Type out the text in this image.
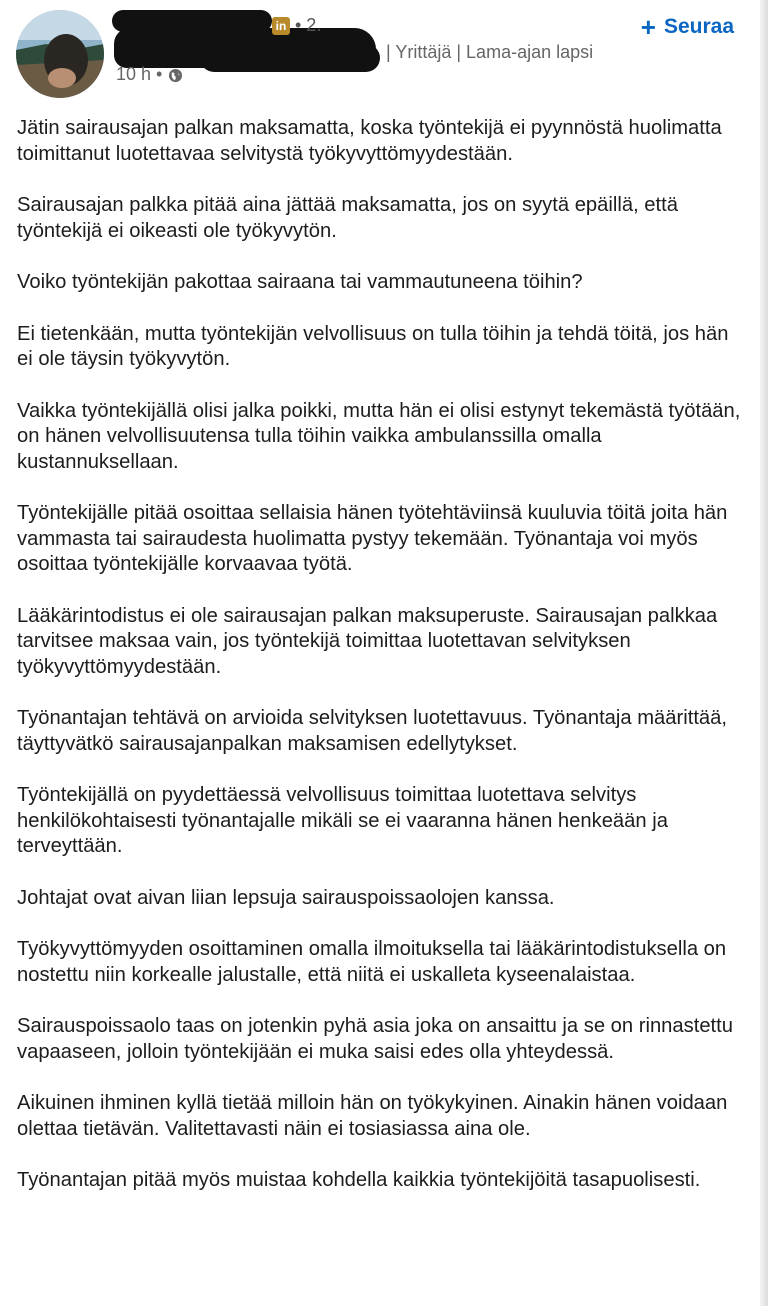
in • 2.
| Yrittäjä | Lama-ajan lapsi
10 h •
+ Seuraa

Jätin sairausajan palkan maksamatta, koska työntekijä ei pyynnöstä huolimatta toimittanut luotettavaa selvitystä työkyvyttömyydestään.

Sairausajan palkka pitää aina jättää maksamatta, jos on syytä epäillä, että työntekijä ei oikeasti ole työkyvytön.

Voiko työntekijän pakottaa sairaana tai vammautuneena töihin?

Ei tietenkään, mutta työntekijän velvollisuus on tulla töihin ja tehdä töitä, jos hän ei ole täysin työkyvytön.

Vaikka työntekijällä olisi jalka poikki, mutta hän ei olisi estynyt tekemästä työtään, on hänen velvollisuutensa tulla töihin vaikka ambulanssilla omalla kustannuksellaan.

Työntekijälle pitää osoittaa sellaisia hänen työtehtäviinsä kuuluvia töitä joita hän vammasta tai sairaudesta huolimatta pystyy tekemään. Työnantaja voi myös osoittaa työntekijälle korvaavaa työtä.

Lääkärintodistus ei ole sairausajan palkan maksuperuste. Sairausajan palkkaa tarvitsee maksaa vain, jos työntekijä toimittaa luotettavan selvityksen työkyvyttömyydestään.

Työnantajan tehtävä on arvioida selvityksen luotettavuus. Työnantaja määrittää, täyttyvätkö sairausajanpalkan maksamisen edellytykset.

Työntekijällä on pyydettäessä velvollisuus toimittaa luotettava selvitys henkilökohtaisesti työnantajalle mikäli se ei vaaranna hänen henkeään ja terveyttään.

Johtajat ovat aivan liian lepsuja sairauspoissaolojen kanssa.

Työkyvyttömyyden osoittaminen omalla ilmoituksella tai lääkärintodistuksella on nostettu niin korkealle jalustalle, että niitä ei uskalleta kyseenalaistaa.

Sairauspoissaolo taas on jotenkin pyhä asia joka on ansaittu ja se on rinnastettu vapaaseen, jolloin työntekijään ei muka saisi edes olla yhteydessä.

Aikuinen ihminen kyllä tietää milloin hän on työkykyinen. Ainakin hänen voidaan olettaa tietävän. Valitettavasti näin ei tosiasiassa aina ole.

Työnantajan pitää myös muistaa kohdella kaikkia työntekijöitä tasapuolisesti.
